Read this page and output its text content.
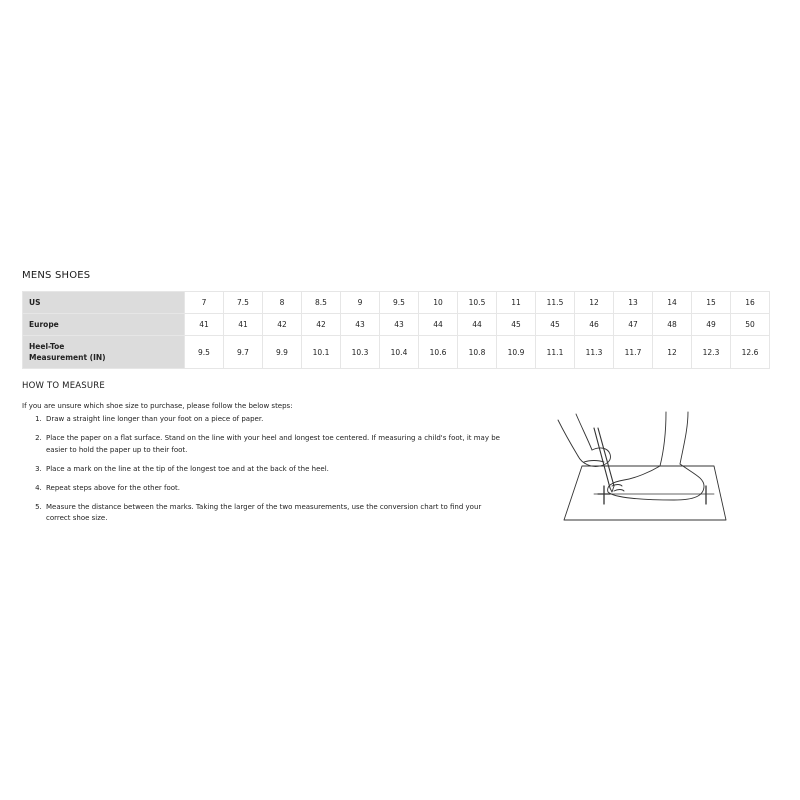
MENS SHOES
US	7	7.5	8	8.5	9	9.5	10	10.5	11	11.5	12	13	14	15	16
Europe	41	41	42	42	43	43	44	44	45	45	46	47	48	49	50
Heel-Toe
Measurement (IN)	9.5	9.7	9.9	10.1	10.3	10.4	10.6	10.8	10.9	11.1	11.3	11.7	12	12.3	12.6
HOW TO MEASURE
If you are unsure which shoe size to purchase, please follow the below steps:
1. Draw a straight line longer than your foot on a piece of paper.
2. Place the paper on a flat surface. Stand on the line with your heel and longest toe centered. If measuring a child's foot, it may be easier to hold the paper up to their foot.
3. Place a mark on the line at the tip of the longest toe and at the back of the heel.
4. Repeat steps above for the other foot.
5. Measure the distance between the marks. Taking the larger of the two measurements, use the conversion chart to find your correct shoe size.
